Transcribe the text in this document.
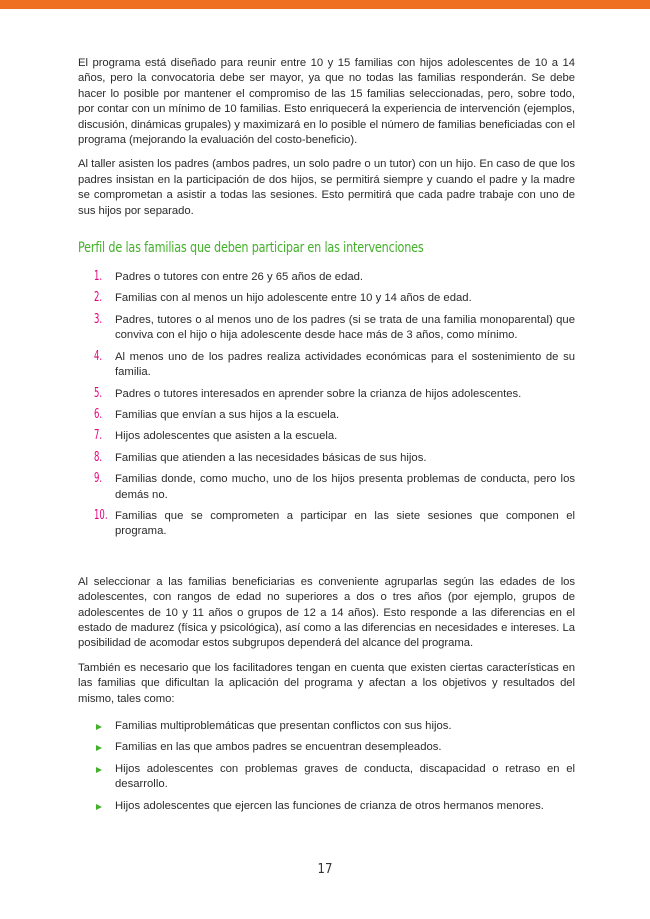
El programa está diseñado para reunir entre 10 y 15 familias con hijos adolescentes de 10 a 14 años, pero la convocatoria debe ser mayor, ya que no todas las familias responderán. Se debe hacer lo posible por mantener el compromiso de las 15 familias seleccionadas, pero, sobre todo, por contar con un mínimo de 10 familias. Esto enriquecerá la experiencia de intervención (ejemplos, discusión, dinámicas grupales) y maximizará en lo posible el número de familias beneficiadas con el programa (mejorando la evaluación del costo-beneficio).

Al taller asisten los padres (ambos padres, un solo padre o un tutor) con un hijo. En caso de que los padres insistan en la participación de dos hijos, se permitirá siempre y cuando el padre y la madre se comprometan a asistir a todas las sesiones. Esto permitirá que cada padre trabaje con uno de sus hijos por separado.

Perfil de las familias que deben participar en las intervenciones
1.	Padres o tutores con entre 26 y 65 años de edad.
2.	Familias con al menos un hijo adolescente entre 10 y 14 años de edad.
3.	Padres, tutores o al menos uno de los padres (si se trata de una familia monoparental) que conviva con el hijo o hija adolescente desde hace más de 3 años, como mínimo.
4.	Al menos uno de los padres realiza actividades económicas para el sostenimiento de su familia.
5.	Padres o tutores interesados en aprender sobre la crianza de hijos adolescentes.
6.	Familias que envían a sus hijos a la escuela.
7.	Hijos adolescentes que asisten a la escuela.
8.	Familias que atienden a las necesidades básicas de sus hijos.
9.	Familias donde, como mucho, uno de los hijos presenta problemas de conducta, pero los demás no.
10. Familias que se comprometen a participar en las siete sesiones que componen el programa.

Al seleccionar a las familias beneficiarias es conveniente agruparlas según las edades de los adolescentes, con rangos de edad no superiores a dos o tres años (por ejemplo, grupos de adolescentes de 10 y 11 años o grupos de 12 a 14 años). Esto responde a las diferencias en el estado de madurez (física y psicológica), así como a las diferencias en necesidades e intereses. La posibilidad de acomodar estos subgrupos dependerá del alcance del programa.

También es necesario que los facilitadores tengan en cuenta que existen ciertas características en las familias que dificultan la aplicación del programa y afectan a los objetivos y resultados del mismo, tales como:

Familias multiproblemáticas que presentan conflictos con sus hijos.
Familias en las que ambos padres se encuentran desempleados.
Hijos adolescentes con problemas graves de conducta, discapacidad o retraso en el desarrollo.
Hijos adolescentes que ejercen las funciones de crianza de otros hermanos menores.
17
